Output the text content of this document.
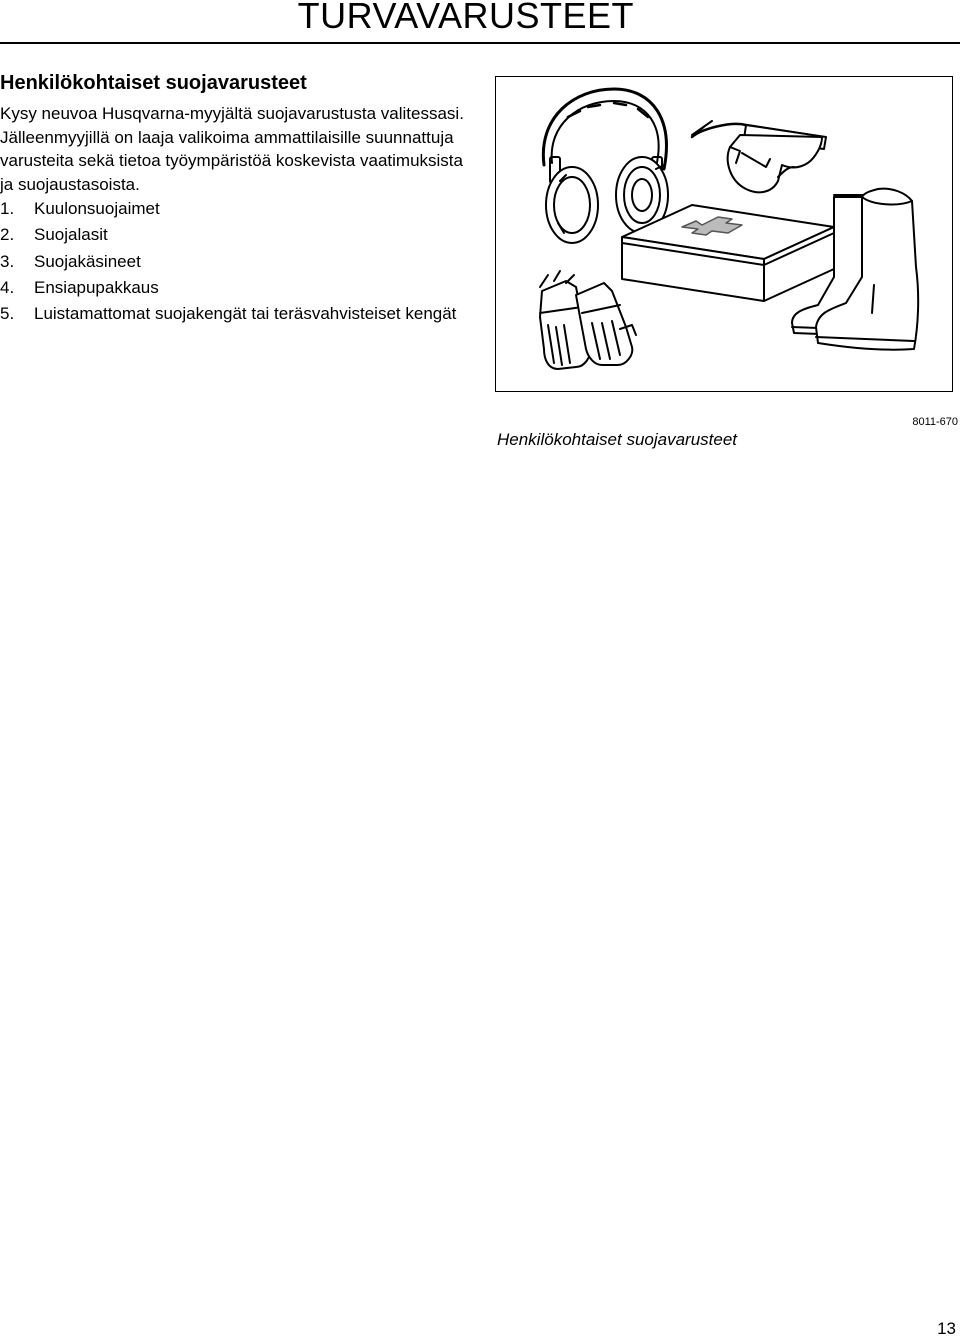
TURVAVARUSTEET
Henkilökohtaiset suojavarusteet

Kysy neuvoa Husqvarna-myyjältä suojavarustusta valitessasi. Jälleenmyyjillä on laaja valikoima ammattilaisille suunnattuja varusteita sekä tietoa työympäristöä koskevista vaatimuksista ja suojaustasoista.

1. Kuulonsuojaimet
2. Suojalasit
3. Suojakäsineet
4. Ensiapupakkaus
5. Luistamattomat suojakengät tai teräsvahvisteiset kengät
8011-670
Henkilökohtaiset suojavarusteet
13
